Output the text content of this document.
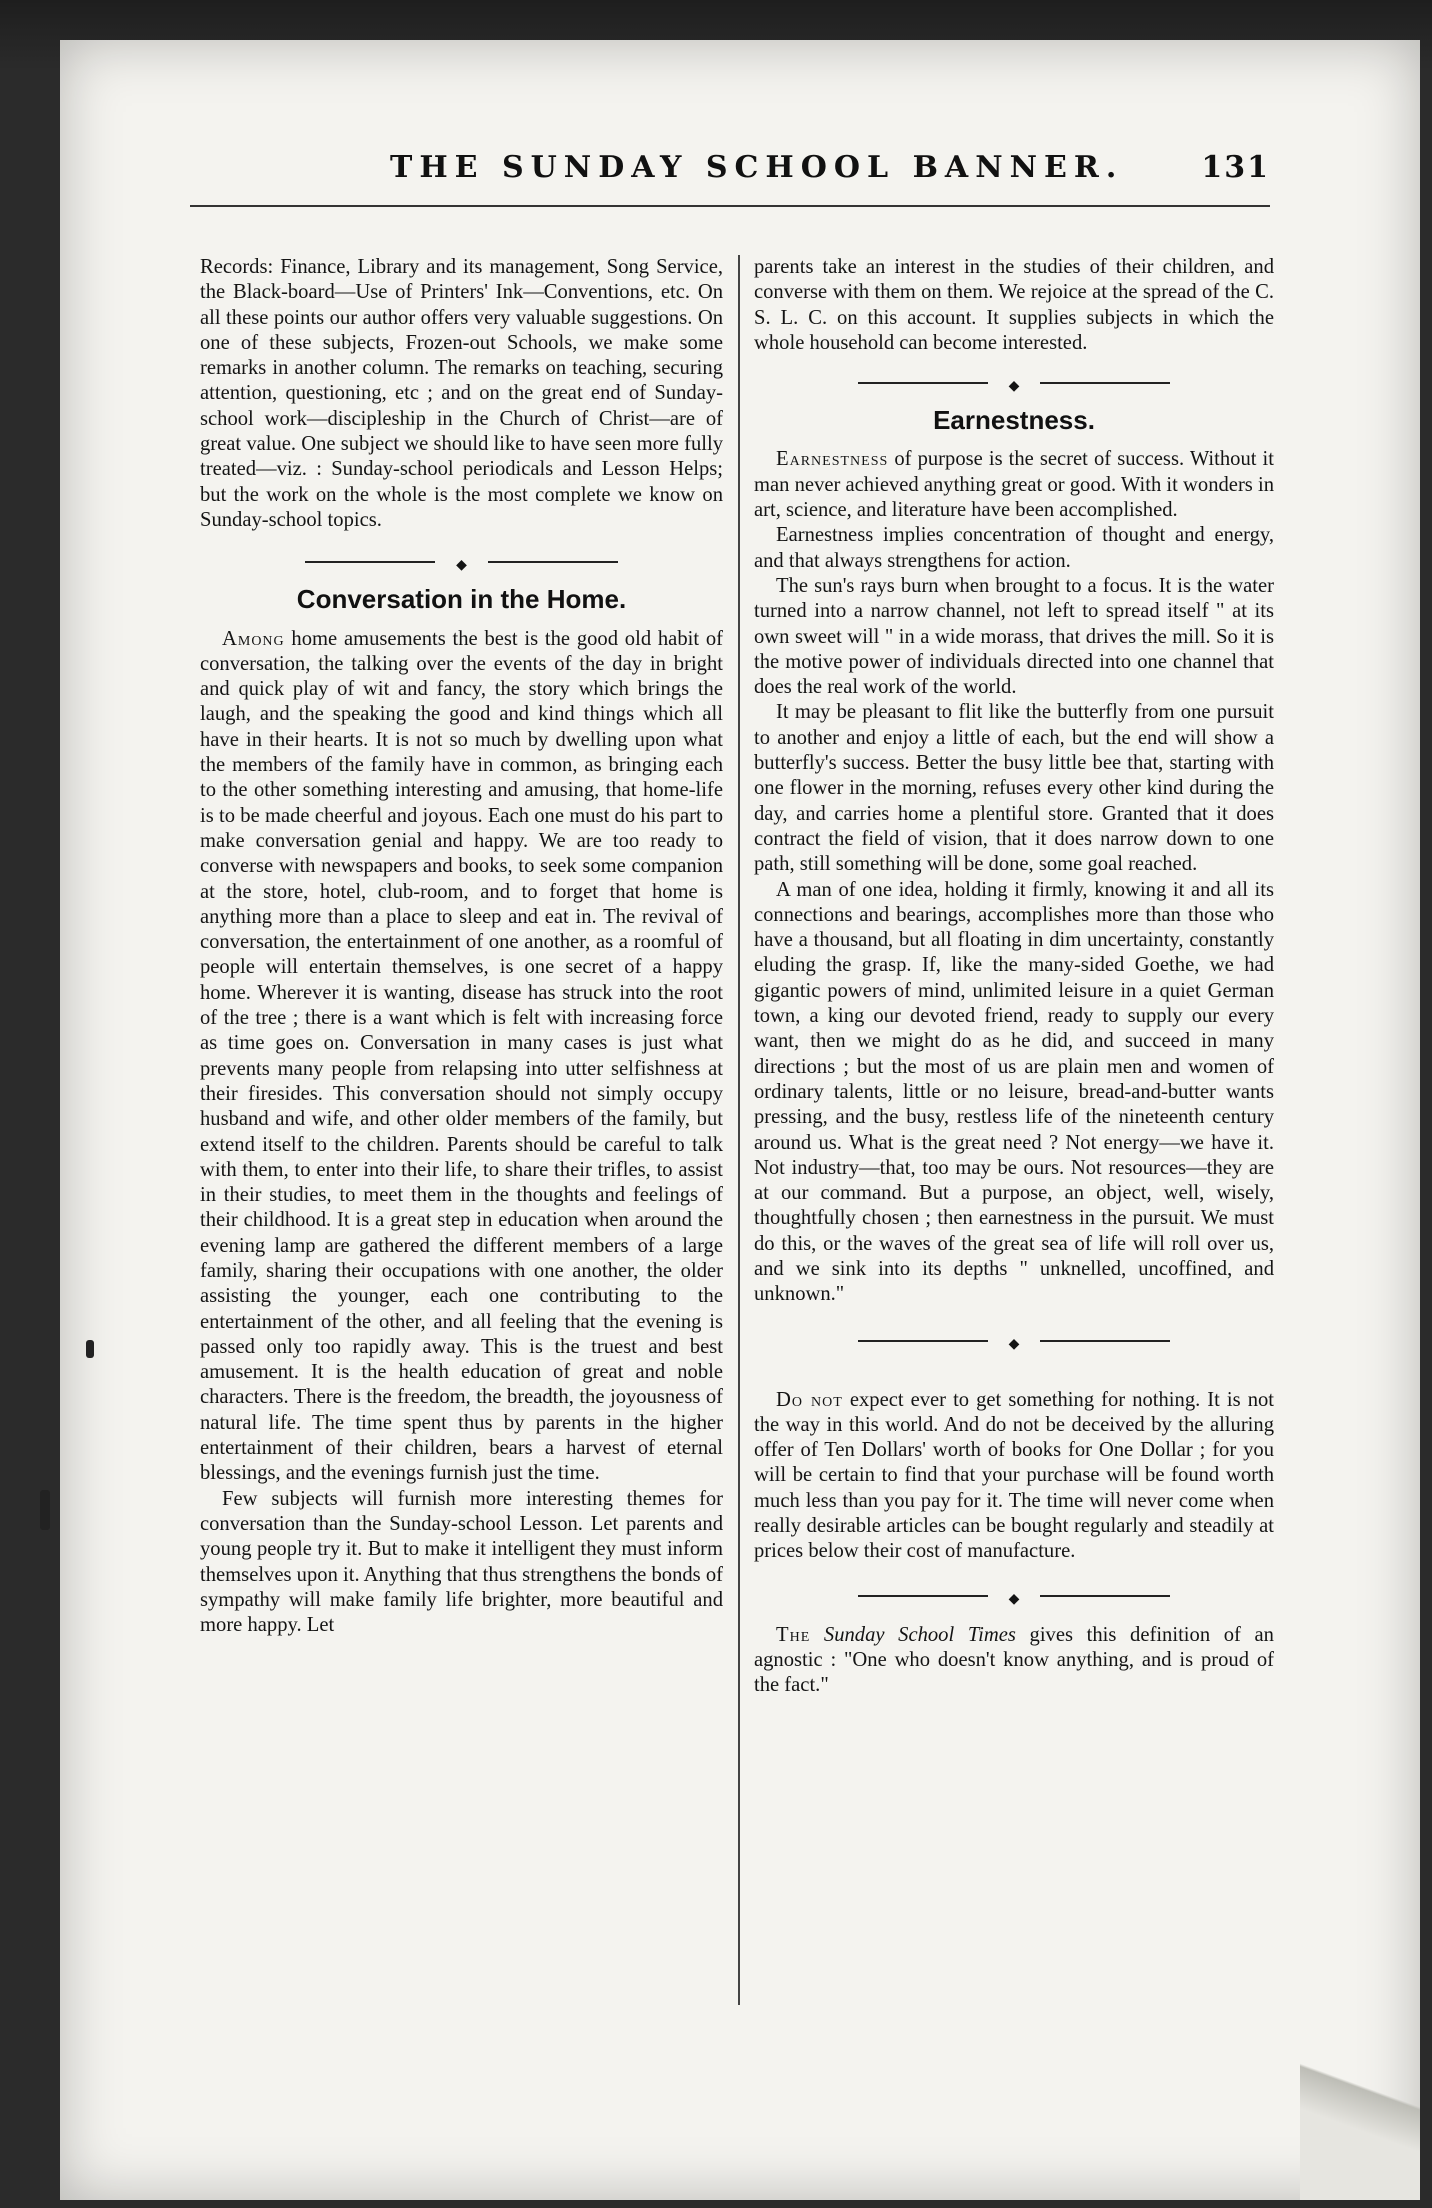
THE SUNDAY SCHOOL BANNER.	131

Records: Finance, Library and its management, Song Service, the Black-board—Use of Printers' Ink—Conventions, etc. On all these points our author offers very valuable suggestions. On one of these subjects, Frozen-out Schools, we make some remarks in another column. The remarks on teaching, securing attention, questioning, etc ; and on the great end of Sunday-school work—discipleship in the Church of Christ—are of great value. One subject we should like to have seen more fully treated—viz. : Sunday-school periodicals and Lesson Helps; but the work on the whole is the most complete we know on Sunday-school topics.

◆
Conversation in the Home.

Among home amusements the best is the good old habit of conversation, the talking over the events of the day in bright and quick play of wit and fancy, the story which brings the laugh, and the speaking the good and kind things which all have in their hearts. It is not so much by dwelling upon what the members of the family have in common, as bringing each to the other something interesting and amusing, that home-life is to be made cheerful and joyous. Each one must do his part to make conversation genial and happy. We are too ready to converse with newspapers and books, to seek some companion at the store, hotel, club-room, and to forget that home is anything more than a place to sleep and eat in. The revival of conversation, the entertainment of one another, as a roomful of people will entertain themselves, is one secret of a happy home. Wherever it is wanting, disease has struck into the root of the tree ; there is a want which is felt with increasing force as time goes on. Conversation in many cases is just what prevents many people from relapsing into utter selfishness at their firesides. This conversation should not simply occupy husband and wife, and other older members of the family, but extend itself to the children. Parents should be careful to talk with them, to enter into their life, to share their trifles, to assist in their studies, to meet them in the thoughts and feelings of their childhood. It is a great step in education when around the evening lamp are gathered the different members of a large family, sharing their occupations with one another, the older assisting the younger, each one contributing to the entertainment of the other, and all feeling that the evening is passed only too rapidly away. This is the truest and best amusement. It is the health education of great and noble characters. There is the freedom, the breadth, the joyousness of natural life. The time spent thus by parents in the higher entertainment of their children, bears a harvest of eternal blessings, and the evenings furnish just the time.

Few subjects will furnish more interesting themes for conversation than the Sunday-school Lesson. Let parents and young people try it. But to make it intelligent they must inform themselves upon it. Anything that thus strengthens the bonds of sympathy will make family life brighter, more beautiful and more happy. Let

parents take an interest in the studies of their children, and converse with them on them. We rejoice at the spread of the C. S. L. C. on this account. It supplies subjects in which the whole household can become interested.

◆
Earnestness.

Earnestness of purpose is the secret of success. Without it man never achieved anything great or good. With it wonders in art, science, and literature have been accomplished.

Earnestness implies concentration of thought and energy, and that always strengthens for action.

The sun's rays burn when brought to a focus. It is the water turned into a narrow channel, not left to spread itself " at its own sweet will " in a wide morass, that drives the mill. So it is the motive power of individuals directed into one channel that does the real work of the world.

It may be pleasant to flit like the butterfly from one pursuit to another and enjoy a little of each, but the end will show a butterfly's success. Better the busy little bee that, starting with one flower in the morning, refuses every other kind during the day, and carries home a plentiful store. Granted that it does contract the field of vision, that it does narrow down to one path, still something will be done, some goal reached.

A man of one idea, holding it firmly, knowing it and all its connections and bearings, accomplishes more than those who have a thousand, but all floating in dim uncertainty, constantly eluding the grasp. If, like the many-sided Goethe, we had gigantic powers of mind, unlimited leisure in a quiet German town, a king our devoted friend, ready to supply our every want, then we might do as he did, and succeed in many directions ; but the most of us are plain men and women of ordinary talents, little or no leisure, bread-and-butter wants pressing, and the busy, restless life of the nineteenth century around us. What is the great need ? Not energy—we have it. Not industry—that, too may be ours. Not resources—they are at our command. But a purpose, an object, well, wisely, thoughtfully chosen ; then earnestness in the pursuit. We must do this, or the waves of the great sea of life will roll over us, and we sink into its depths " unknelled, uncoffined, and unknown."

◆

Do not expect ever to get something for nothing. It is not the way in this world. And do not be deceived by the alluring offer of Ten Dollars' worth of books for One Dollar ; for you will be certain to find that your purchase will be found worth much less than you pay for it. The time will never come when really desirable articles can be bought regularly and steadily at prices below their cost of manufacture.

◆

The Sunday School Times gives this definition of an agnostic : "One who doesn't know anything, and is proud of the fact."
